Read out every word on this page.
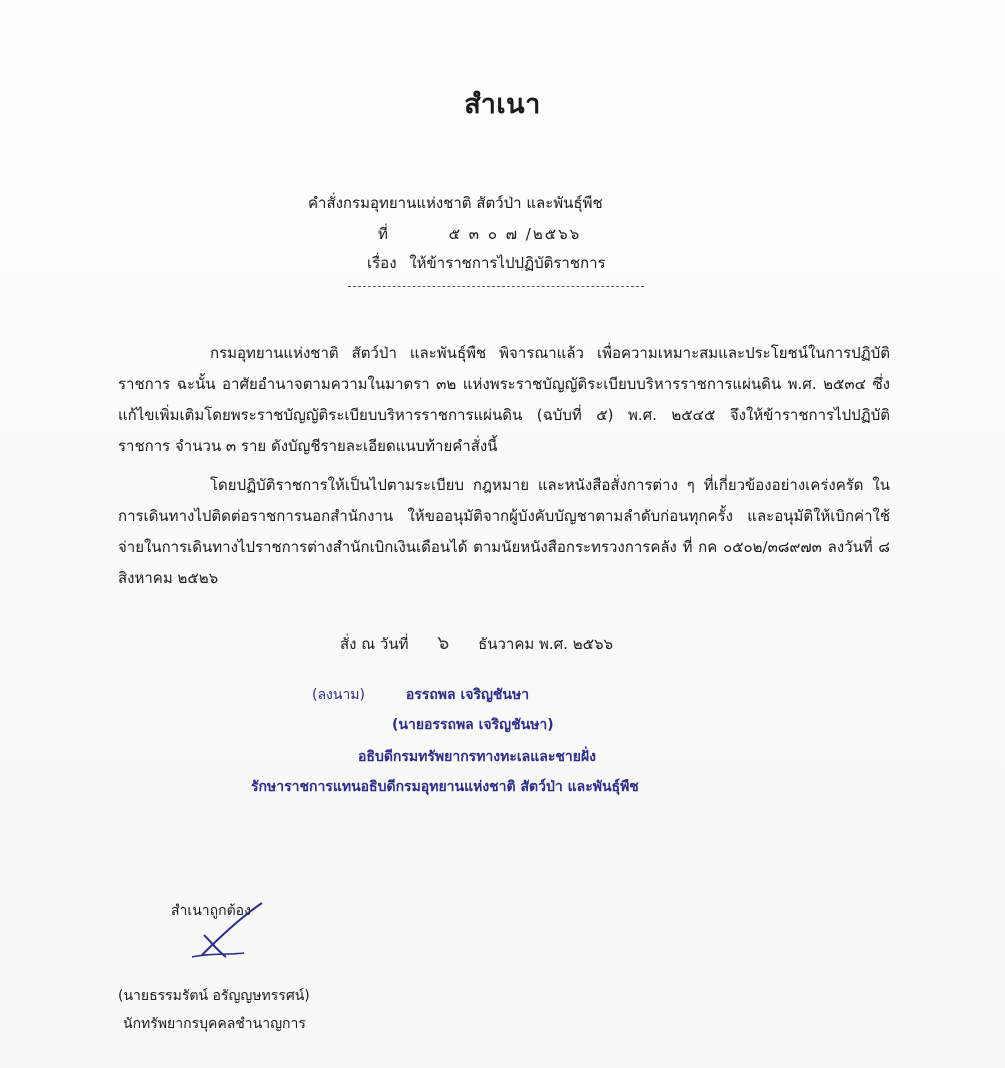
สำเนา
คำสั่งกรมอุทยานแห่งชาติ สัตว์ป่า และพันธุ์พืช
ที่	๕ ๓ ๐ ๗ /๒๕๖๖
เรื่อง ให้ข้าราชการไปปฏิบัติราชการ
กรมอุทยานแห่งชาติ สัตว์ป่า และพันธุ์พืช พิจารณาแล้ว เพื่อความเหมาะสมและประโยชน์ในการปฏิบัติราชการ ฉะนั้น อาศัยอำนาจตามความในมาตรา ๓๒ แห่งพระราชบัญญัติระเบียบบริหารราชการแผ่นดิน พ.ศ. ๒๕๓๔ ซึ่งแก้ไขเพิ่มเติมโดยพระราชบัญญัติระเบียบบริหารราชการแผ่นดิน (ฉบับที่ ๕) พ.ศ. ๒๕๔๕ จึงให้ข้าราชการไปปฏิบัติราชการ จำนวน ๓ ราย ดังบัญชีรายละเอียดแนบท้ายคำสั่งนี้
โดยปฏิบัติราชการให้เป็นไปตามระเบียบ กฎหมาย และหนังสือสั่งการต่าง ๆ ที่เกี่ยวข้องอย่างเคร่งครัด ในการเดินทางไปติดต่อราชการนอกสำนักงาน ให้ขออนุมัติจากผู้บังคับบัญชาตามลำดับก่อนทุกครั้ง และอนุมัติให้เบิกค่าใช้จ่ายในการเดินทางไปราชการต่างสำนักเบิกเงินเดือนได้ ตามนัยหนังสือกระทรวงการคลัง ที่ กค ๐๕๐๒/๓๘๙๗๓ ลงวันที่ ๘ สิงหาคม ๒๕๒๖
สั่ง ณ วันที่ ๖ ธันวาคม พ.ศ. ๒๕๖๖
(ลงนาม)	อรรถพล เจริญชันษา
(นายอรรถพล เจริญชันษา)
อธิบดีกรมทรัพยากรทางทะเลและชายฝั่ง
รักษาราชการแทนอธิบดีกรมอุทยานแห่งชาติ สัตว์ป่า และพันธุ์พืช
สำเนาถูกต้อง
(นายธรรมรัตน์ อรัญญษทรรศน์)
นักทรัพยากรบุคคลชำนาญการ
